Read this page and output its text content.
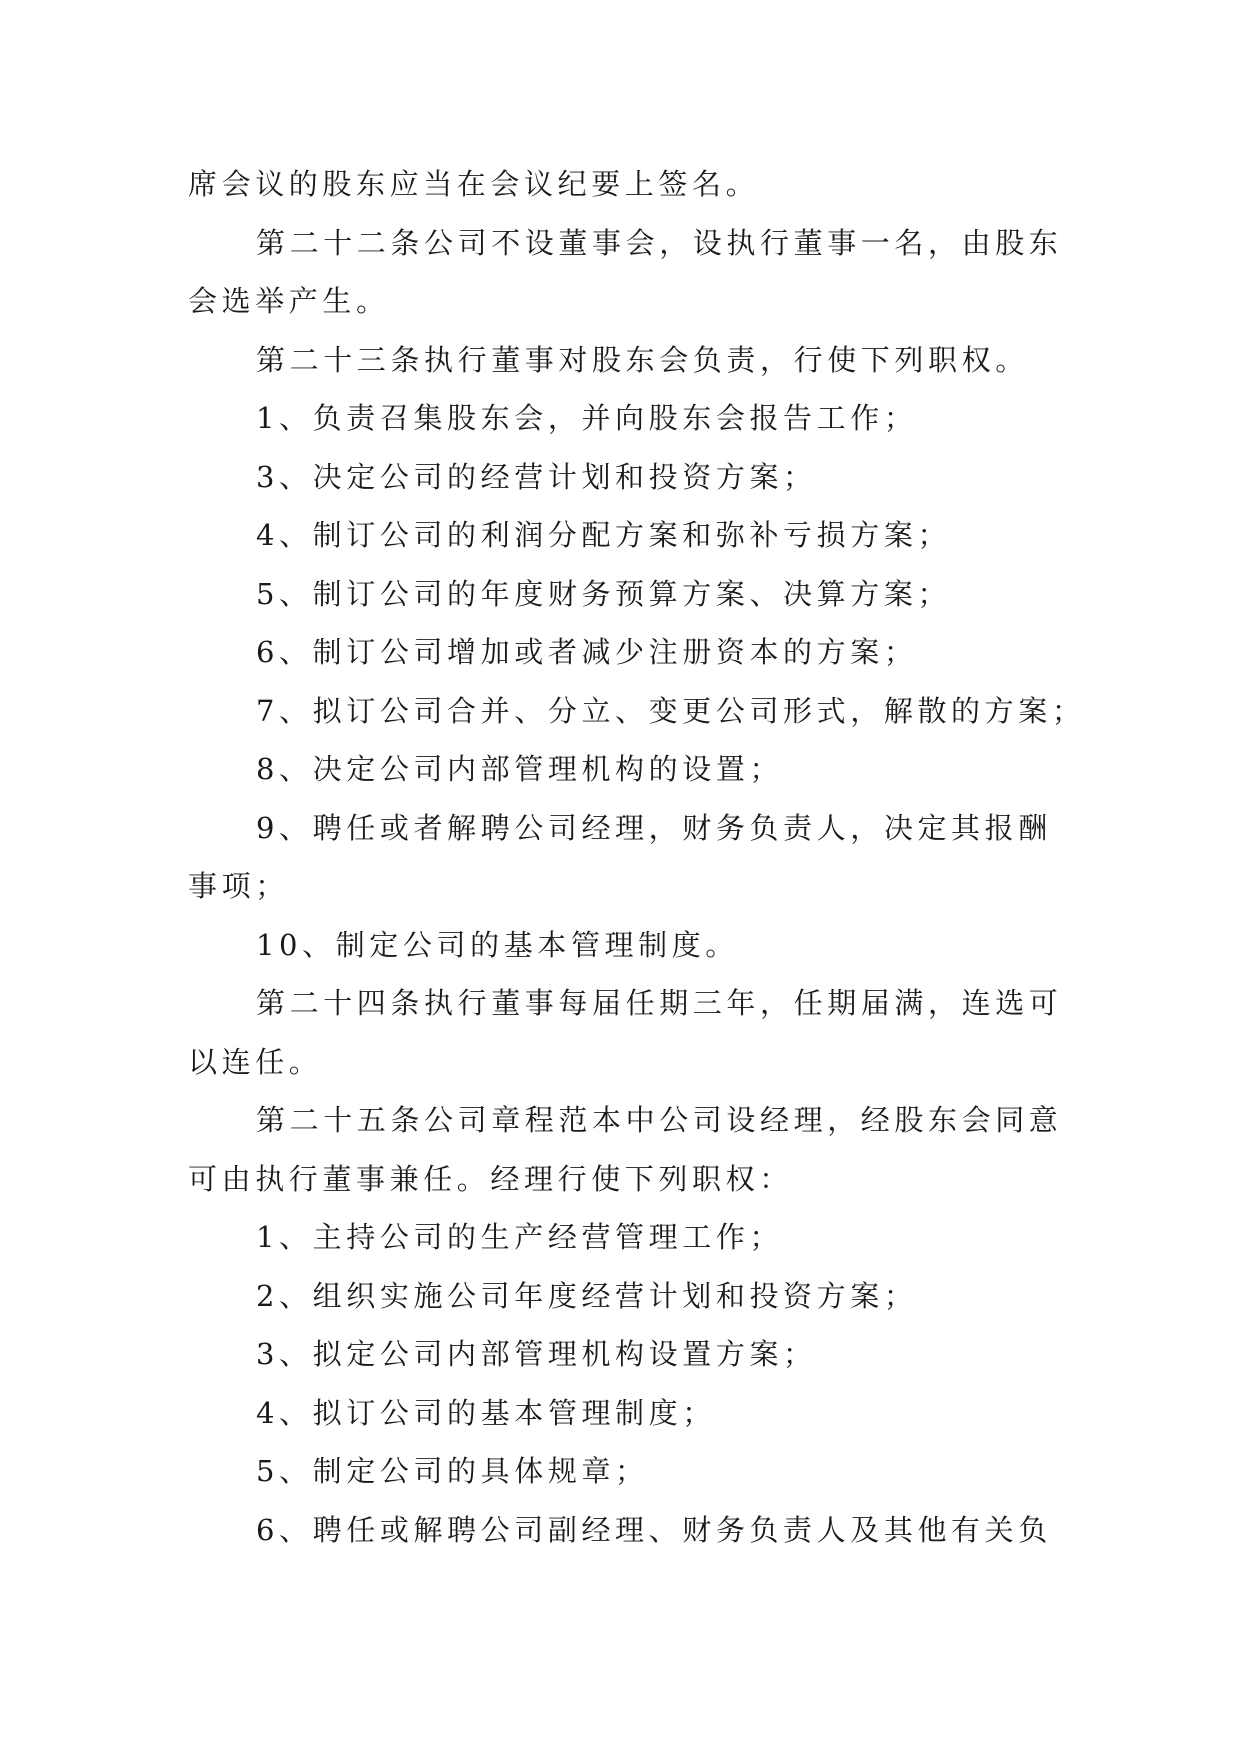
席会议的股东应当在会议纪要上签名。
第二十二条公司不设董事会，设执行董事一名，由股东
会选举产生。
第二十三条执行董事对股东会负责，行使下列职权。
1、负责召集股东会，并向股东会报告工作；
3、决定公司的经营计划和投资方案；
4、制订公司的利润分配方案和弥补亏损方案；
5、制订公司的年度财务预算方案、决算方案；
6、制订公司增加或者减少注册资本的方案；
7、拟订公司合并、分立、变更公司形式，解散的方案；
8、决定公司内部管理机构的设置；
9、聘任或者解聘公司经理，财务负责人，决定其报酬
事项；
10、制定公司的基本管理制度。
第二十四条执行董事每届任期三年，任期届满，连选可
以连任。
第二十五条公司章程范本中公司设经理，经股东会同意
可由执行董事兼任。经理行使下列职权：
1、主持公司的生产经营管理工作；
2、组织实施公司年度经营计划和投资方案；
3、拟定公司内部管理机构设置方案；
4、拟订公司的基本管理制度；
5、制定公司的具体规章；
6、聘任或解聘公司副经理、财务负责人及其他有关负
